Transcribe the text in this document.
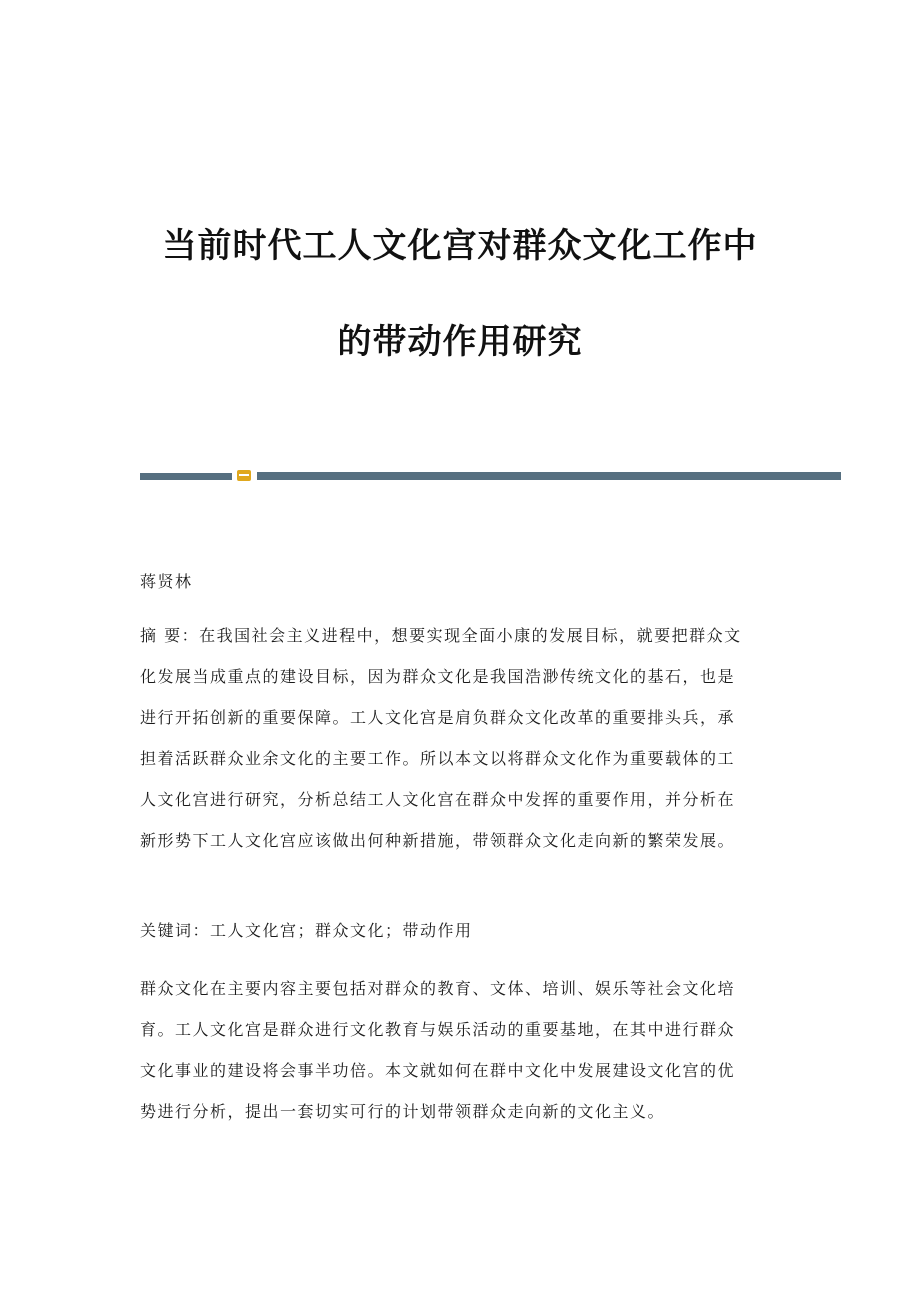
当前时代工人文化宫对群众文化工作中
的带动作用研究
蒋贤林
摘 要：在我国社会主义进程中，想要实现全面小康的发展目标，就要把群众文
化发展当成重点的建设目标，因为群众文化是我国浩渺传统文化的基石，也是
进行开拓创新的重要保障。工人文化宫是肩负群众文化改革的重要排头兵，承
担着活跃群众业余文化的主要工作。所以本文以将群众文化作为重要载体的工
人文化宫进行研究，分析总结工人文化宫在群众中发挥的重要作用，并分析在
新形势下工人文化宫应该做出何种新措施，带领群众文化走向新的繁荣发展。
关键词：工人文化宫；群众文化；带动作用
群众文化在主要内容主要包括对群众的教育、文体、培训、娱乐等社会文化培
育。工人文化宫是群众进行文化教育与娱乐活动的重要基地，在其中进行群众
文化事业的建设将会事半功倍。本文就如何在群中文化中发展建设文化宫的优
势进行分析，提出一套切实可行的计划带领群众走向新的文化主义。
